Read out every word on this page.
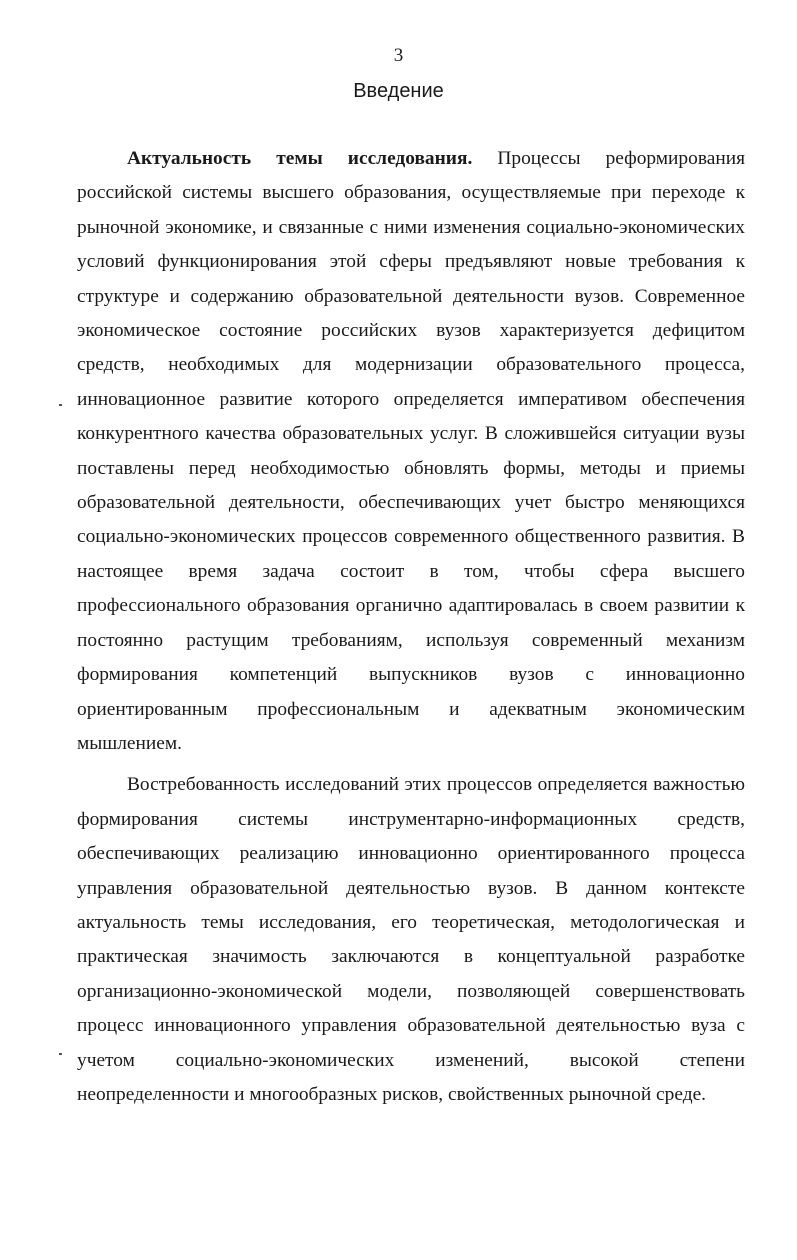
3
Введение

Актуальность темы исследования. Процессы реформирования российской системы высшего образования, осуществляемые при переходе к рыночной экономике, и связанные с ними изменения социально-экономических условий функционирования этой сферы предъявляют новые требования к структуре и содержанию образовательной деятельности вузов. Современное экономическое состояние российских вузов характеризуется дефицитом средств, необходимых для модернизации образовательного процесса, инновационное развитие которого определяется императивом обеспечения конкурентного качества образовательных услуг. В сложившейся ситуации вузы поставлены перед необходимостью обновлять формы, методы и приемы образовательной деятельности, обеспечивающих учет быстро меняющихся социально-экономических процессов современного общественного развития. В настоящее время задача состоит в том, чтобы сфера высшего профессионального образования органично адаптировалась в своем развитии к постоянно растущим требованиям, используя современный механизм формирования компетенций выпускников вузов с инновационно ориентированным профессиональным и адекватным экономическим мышлением.

Востребованность исследований этих процессов определяется важностью формирования системы инструментарно-информационных средств, обеспечивающих реализацию инновационно ориентированного процесса управления образовательной деятельностью вузов. В данном контексте актуальность темы исследования, его теоретическая, методологическая и практическая значимость заключаются в концептуальной разработке организационно-экономической модели, позволяющей совершенствовать процесс инновационного управления образовательной деятельностью вуза с учетом социально-экономических изменений, высокой степени неопределенности и многообразных рисков, свойственных рыночной среде.
